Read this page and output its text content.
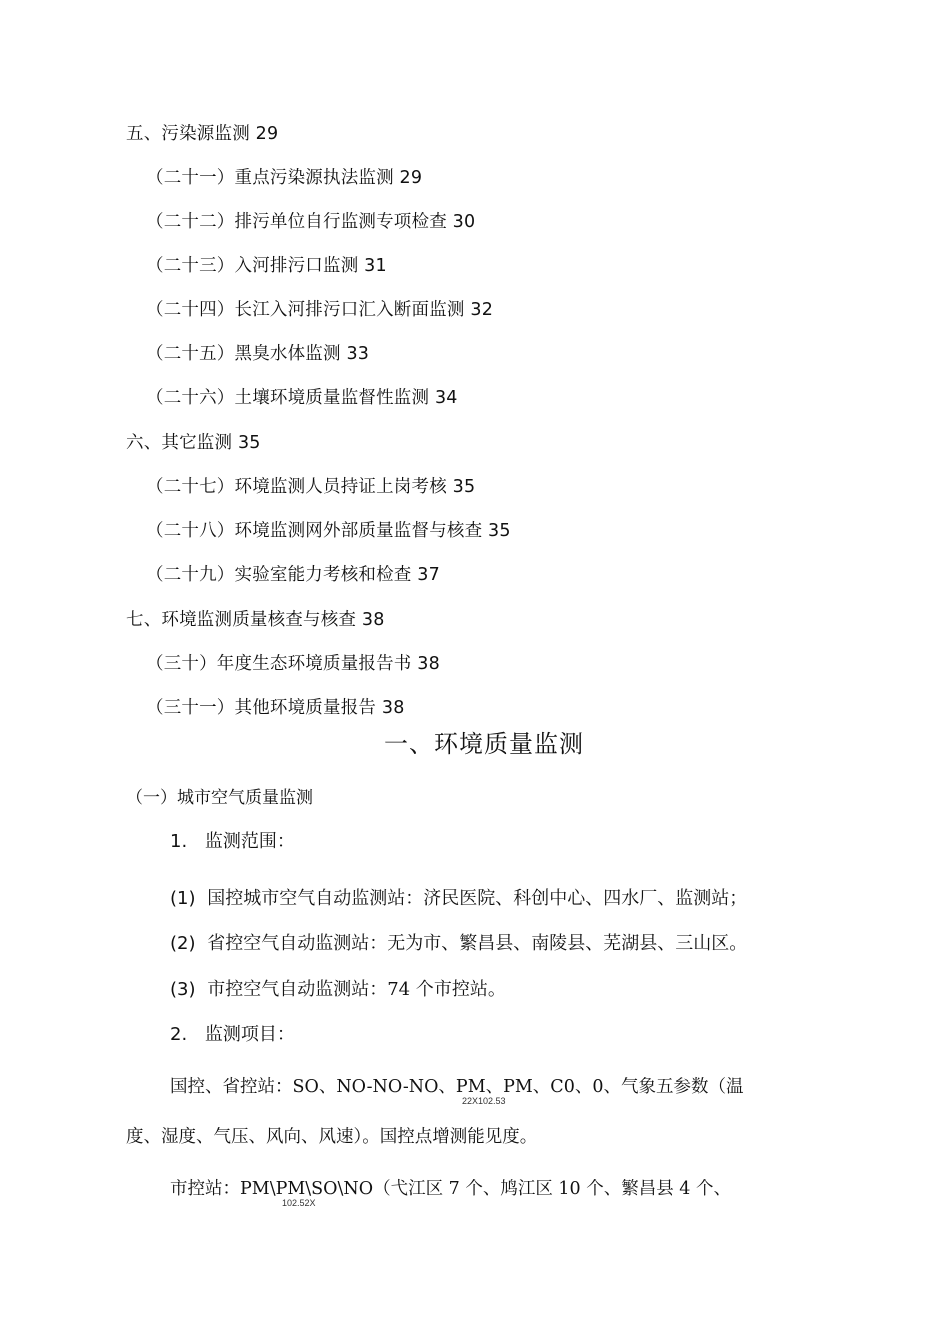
五、污染源监测 29
（二十一）重点污染源执法监测 29
（二十二）排污单位自行监测专项检查 30
（二十三）入河排污口监测 31
（二十四）长江入河排污口汇入断面监测 32
（二十五）黑臭水体监测 33
（二十六）土壤环境质量监督性监测 34
六、其它监测 35
（二十七）环境监测人员持证上岗考核 35
（二十八）环境监测网外部质量监督与核查 35
（二十九）实验室能力考核和检查 37
七、环境监测质量核查与核查 38
（三十）年度生态环境质量报告书 38
（三十一）其他环境质量报告 38
一、环境质量监测
（一）城市空气质量监测
1. 监测范围：
(1) 国控城市空气自动监测站：济民医院、科创中心、四水厂、监测站；
(2) 省控空气自动监测站：无为市、繁昌县、南陵县、芜湖县、三山区。
(3) 市控空气自动监测站：74 个市控站。
2. 监测项目：
国控、省控站：SO、NO-NO-NO、PM、PM、C0、0、气象五参数（温
22X102.53
度、湿度、气压、风向、风速）。国控点增测能见度。
市控站：PM\PM\SO\NO（弋江区 7 个、鸠江区 10 个、繁昌县 4 个、
102.52X
